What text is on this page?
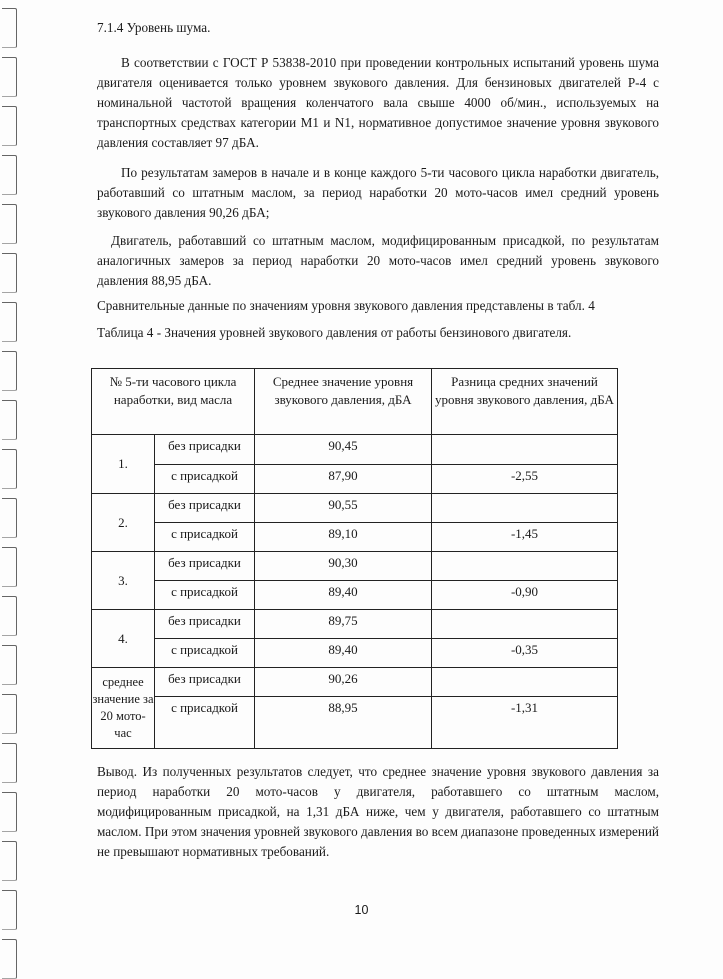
7.1.4 Уровень шума.

В соответствии с ГОСТ Р 53838-2010 при проведении контрольных испытаний уровень шума двигателя оценивается только уровнем звукового давления. Для бензиновых двигателей Р-4 с номинальной частотой вращения коленчатого вала свыше 4000 об/мин., используемых на транспортных средствах категории М1 и N1, нормативное допустимое значение уровня звукового давления составляет 97 дБА.

По результатам замеров в начале и в конце каждого 5-ти часового цикла наработки двигатель, работавший со штатным маслом, за период наработки 20 мото-часов имел средний уровень звукового давления 90,26 дБА;

Двигатель, работавший со штатным маслом, модифицированным присадкой, по результатам аналогичных замеров за период наработки 20 мото-часов имел средний уровень звукового давления 88,95 дБА.

Сравнительные данные по значениям уровня звукового давления представлены в табл. 4

Таблица 4 - Значения уровней звукового давления от работы бензинового двигателя.

№ 5-ти часового цикла наработки, вид масла		Среднее значение уровня звукового давления, дБА	Разница средних значений уровня звукового давления, дБА
1.	без присадки	90,45	
	с присадкой	87,90	-2,55
2.	без присадки	90,55	
	с присадкой	89,10	-1,45
3.	без присадки	90,30	
	с присадкой	89,40	-0,90
4.	без присадки	89,75	
	с присадкой	89,40	-0,35
среднее значение за 20 мото-час	без присадки	90,26	
	с присадкой	88,95	-1,31

Вывод. Из полученных результатов следует, что среднее значение уровня звукового давления за период наработки 20 мото-часов у двигателя, работавшего со штатным маслом, модифицированным присадкой, на 1,31 дБА ниже, чем у двигателя, работавшего со штатным маслом. При этом значения уровней звукового давления во всем диапазоне проведенных измерений не превышают нормативных требований.

10
